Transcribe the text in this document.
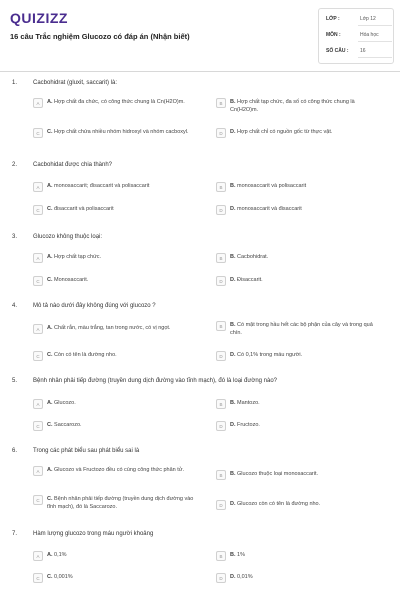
QUIZIZZ
16 câu Trắc nghiệm Glucozo có đáp án (Nhận biết)
LỚP :	Lớp 12
MÔN :	Hóa học
SỐ CÂU : 16
1.	Cacbohidrat (gluxit, saccarit) là:
A	A. Hợp chất đa chức, có công thức chung là Cn(H2O)m.	B	B. Hợp chất tạp chức, đa số có công thức chung là Cn(H2O)m.
C	C. Hợp chất chứa nhiều nhóm hidroxyl và nhóm cacboxyl.	D	D. Hợp chất chỉ có nguồn gốc từ thực vật.
2.	Cacbohidat được chia thành?
A	A. monosaccarit; đisaccarit và polisaccarit	B	B. monosaccarit và polisaccarit
C	C. đisaccarit và polisaccarit	D	D. monosaccarit và đisaccarit
3.	Glucozo không thuộc loại:
A	A. Hợp chất tạp chức.	B	B. Cacbohidrat.
C	C. Monosaccarit.	D	D. Đisaccarit.
4.	Mô tả nào dưới đây không đúng với glucozo ?
A	A. Chất rắn, màu trắng, tan trong nước, có vị ngọt.	B	B. Có mặt trong hầu hết các bộ phận của cây và trong quả chín.
C	C. Còn có tên là đường nho.	D	D. Có 0,1% trong máu người.
5.	Bệnh nhân phải tiếp đường (truyền dung dịch đường vào tĩnh mạch), đó là loại đường nào?
A	A. Glucozo.	B	B. Mantozo.
C	C. Saccarozo.	D	D. Fructozo.
6.	Trong các phát biểu sau phát biểu sai là
A	A. Glucozo và Fructozo đều có cùng công thức phân tử.
B	B. Glucozo thuộc loại monosaccarit.
C	C. Bệnh nhân phải tiếp đường (truyền dung dịch đường vào tĩnh mạch), đó là Saccarozo.	D	D. Glucozo còn có tên là đường nho.
7.	Hàm lượng glucozo trong máu người khoảng
A	A. 0,1%	B	B. 1%
C	C. 0,001%	D	D. 0,01%
